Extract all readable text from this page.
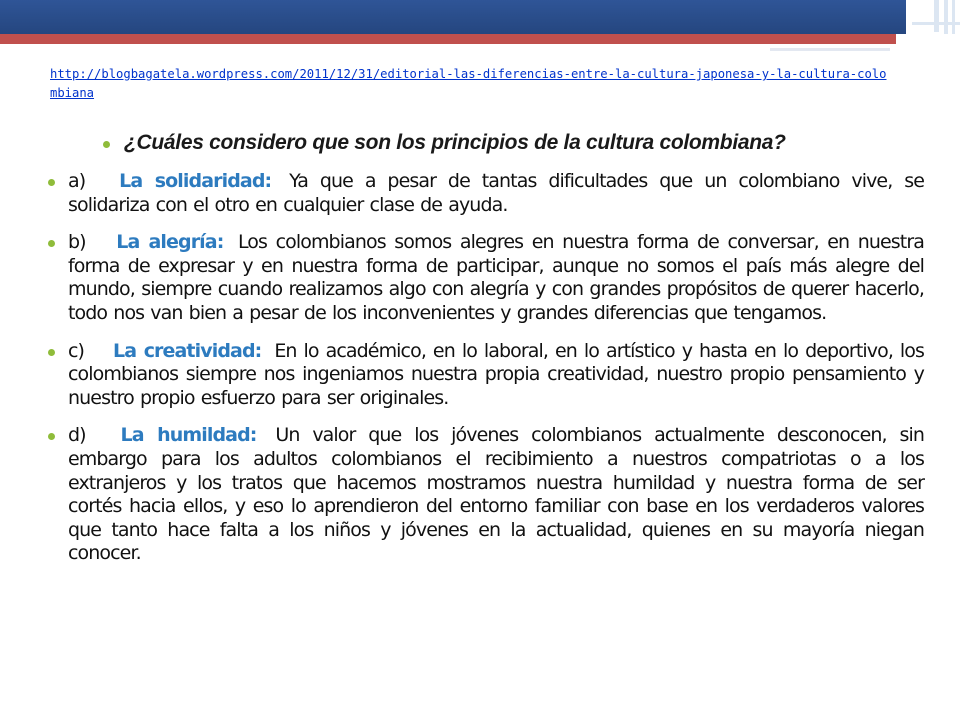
http://blogbagatela.wordpress.com/2011/12/31/editorial-las-diferencias-entre-la-cultura-japonesa-y-la-cultura-colombiana
¿Cuáles considero que son los principios de la cultura colombiana?
a) La solidaridad: Ya que a pesar de tantas dificultades que un colombiano vive, se solidariza con el otro en cualquier clase de ayuda.
b) La alegría: Los colombianos somos alegres en nuestra forma de conversar, en nuestra forma de expresar y en nuestra forma de participar, aunque no somos el país más alegre del mundo, siempre cuando realizamos algo con alegría y con grandes propósitos de querer hacerlo, todo nos van bien a pesar de los inconvenientes y grandes diferencias que tengamos.
c) La creatividad: En lo académico, en lo laboral, en lo artístico y hasta en lo deportivo, los colombianos siempre nos ingeniamos nuestra propia creatividad, nuestro propio pensamiento y nuestro propio esfuerzo para ser originales.
d) La humildad: Un valor que los jóvenes colombianos actualmente desconocen, sin embargo para los adultos colombianos el recibimiento a nuestros compatriotas o a los extranjeros y los tratos que hacemos mostramos nuestra humildad y nuestra forma de ser cortés hacia ellos, y eso lo aprendieron del entorno familiar con base en los verdaderos valores que tanto hace falta a los niños y jóvenes en la actualidad, quienes en su mayoría niegan conocer.
